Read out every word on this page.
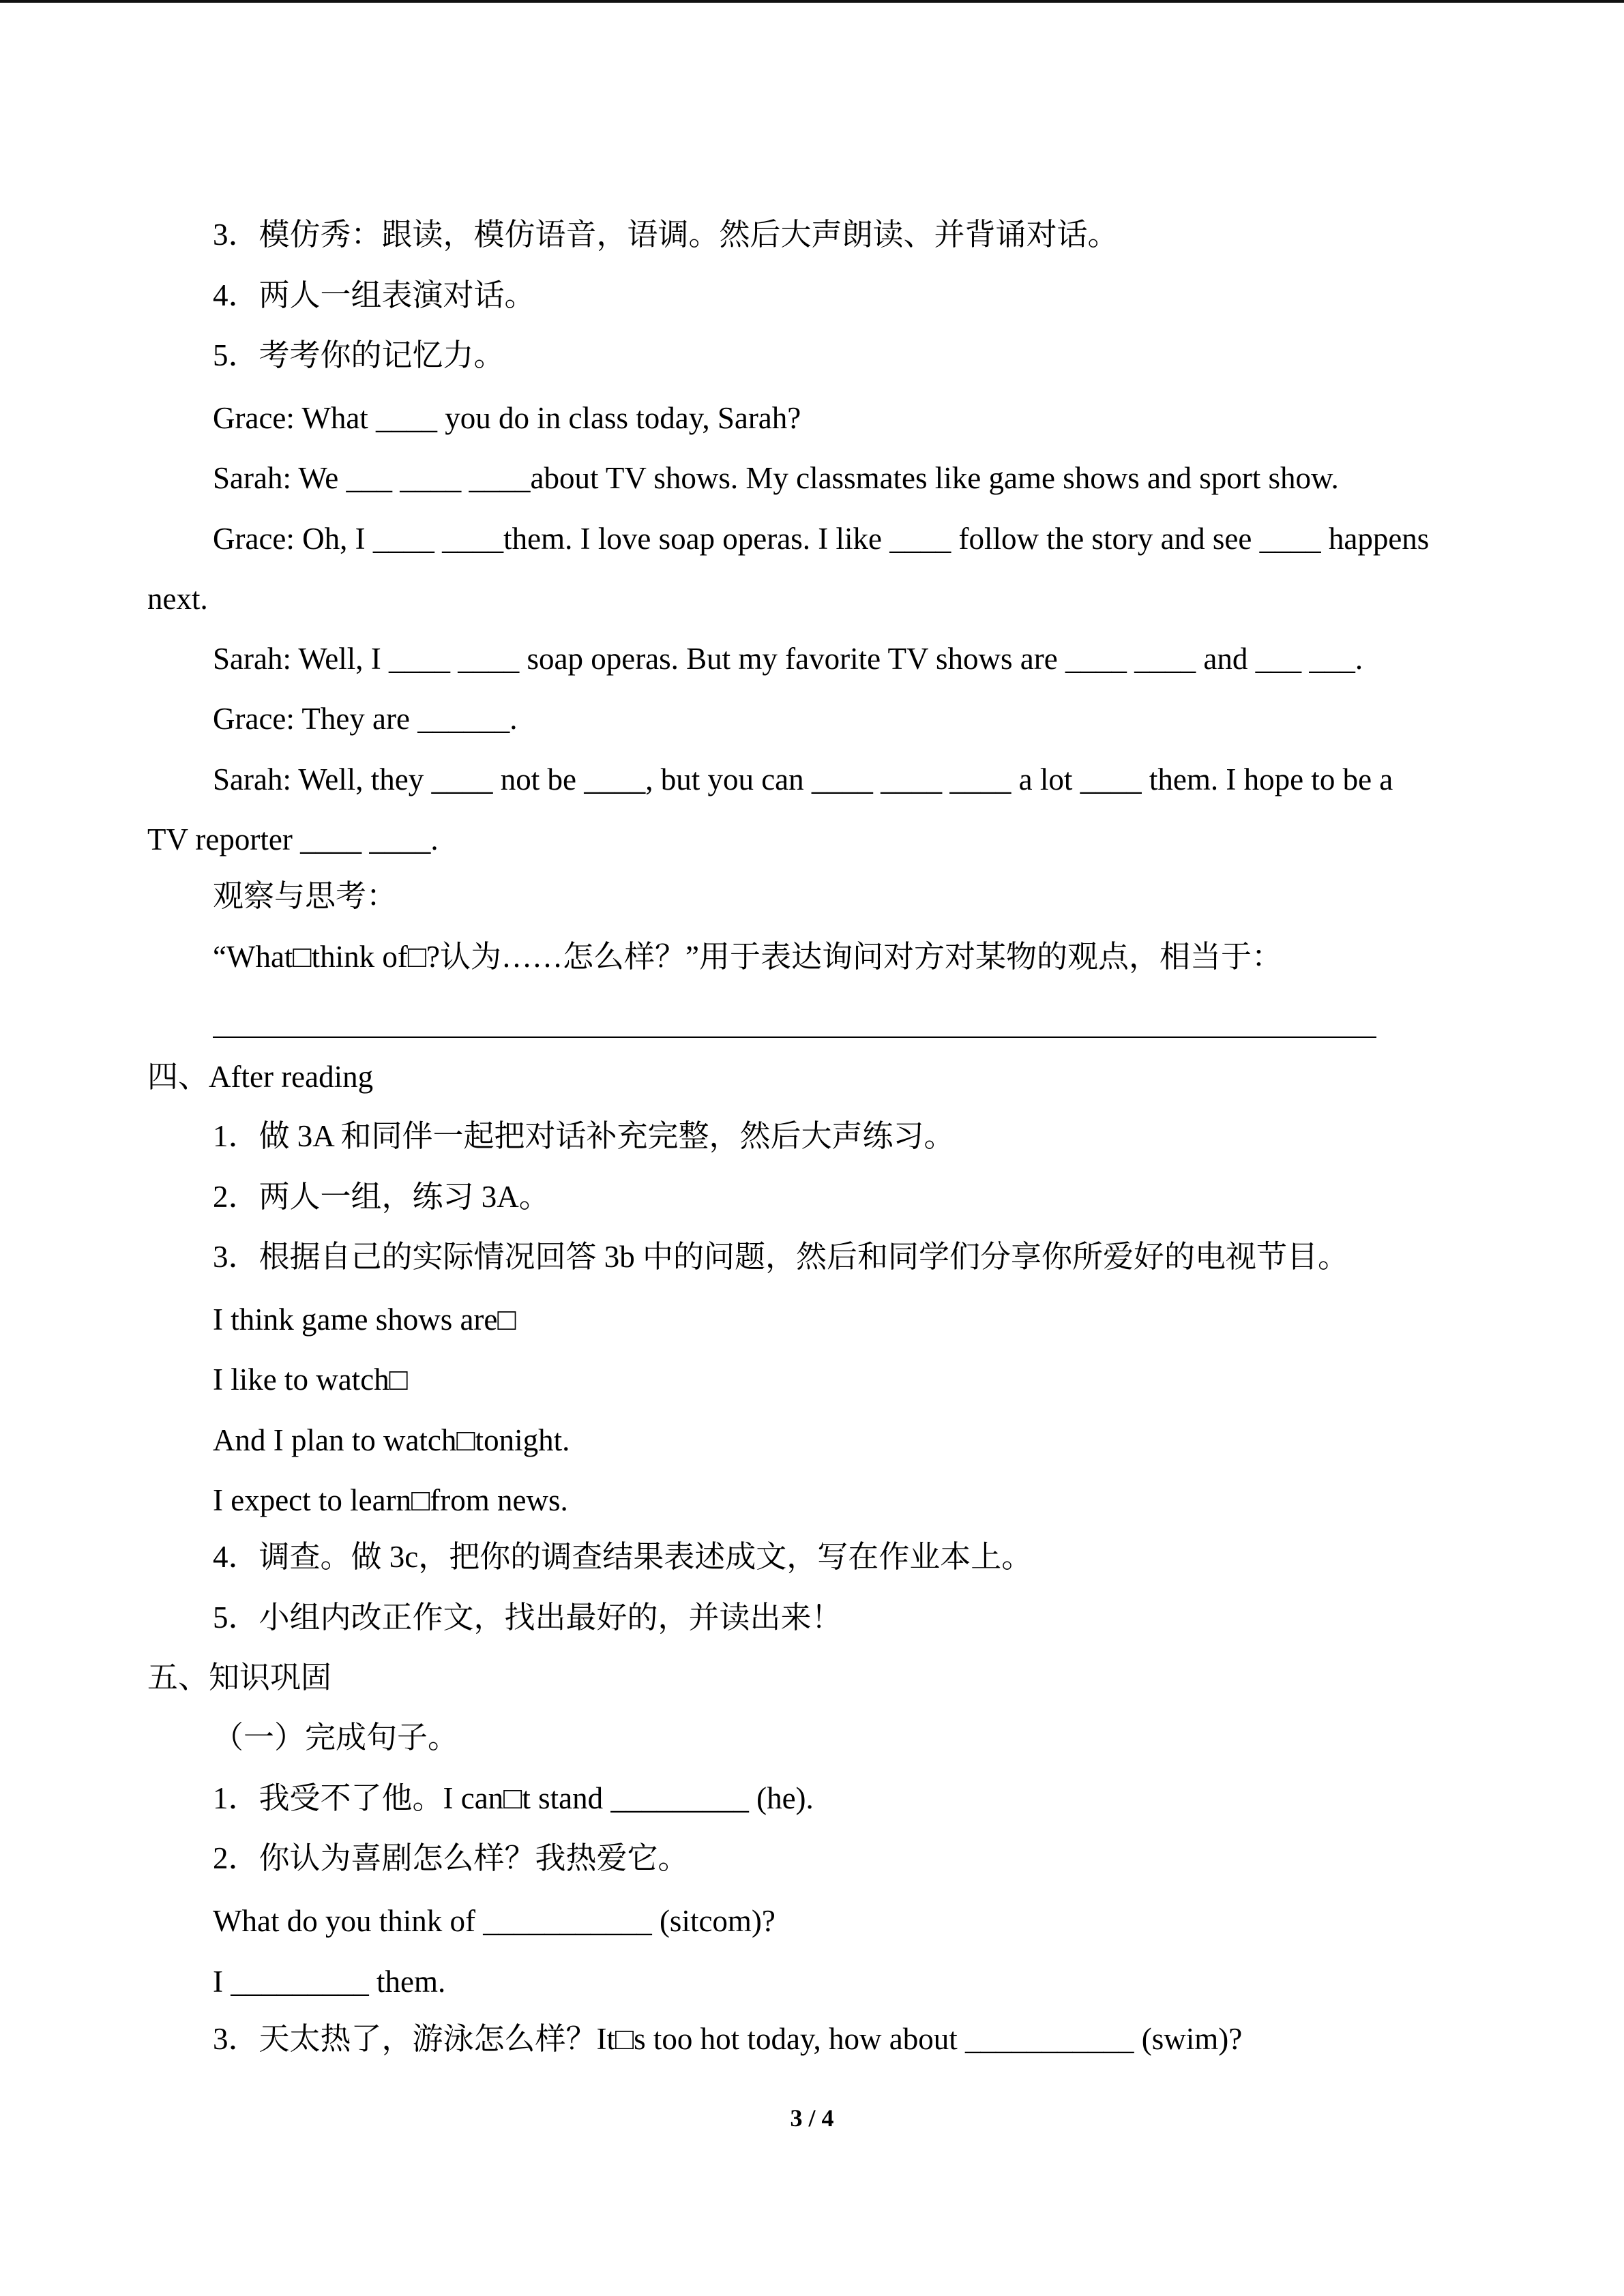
3．模仿秀：跟读，模仿语音，语调。然后大声朗读、并背诵对话。
4．两人一组表演对话。
5．考考你的记忆力。
Grace: What ____ you do in class today, Sarah?
Sarah: We ___ ____ ____about TV shows. My classmates like game shows and sport show.
Grace: Oh, I ____ ____them. I love soap operas. I like ____ follow the story and see ____ happens
next.
Sarah: Well, I ____ ____ soap operas. But my favorite TV shows are ____ ____ and ___ ___.
Grace: They are ______.
Sarah: Well, they ____ not be ____, but you can ____ ____ ____ a lot ____ them. I hope to be a
TV reporter ____ ____.
观察与思考：
“What□think of□?认为……怎么样？”用于表达询问对方对某物的观点，相当于：
四、After reading
1．做 3A 和同伴一起把对话补充完整，然后大声练习。
2．两人一组，练习 3A。
3．根据自己的实际情况回答 3b 中的问题，然后和同学们分享你所爱好的电视节目。
I think game shows are□
I like to watch□
And I plan to watch□tonight.
I expect to learn□from news.
4．调查。做 3c，把你的调查结果表述成文，写在作业本上。
5．小组内改正作文，找出最好的，并读出来！
五、知识巩固
（一）完成句子。
1．我受不了他。I can□t stand _________ (he).
2．你认为喜剧怎么样？我热爱它。
What do you think of ___________ (sitcom)?
I _________ them.
3．天太热了，游泳怎么样？It□s too hot today, how about ___________ (swim)?
3 / 4
